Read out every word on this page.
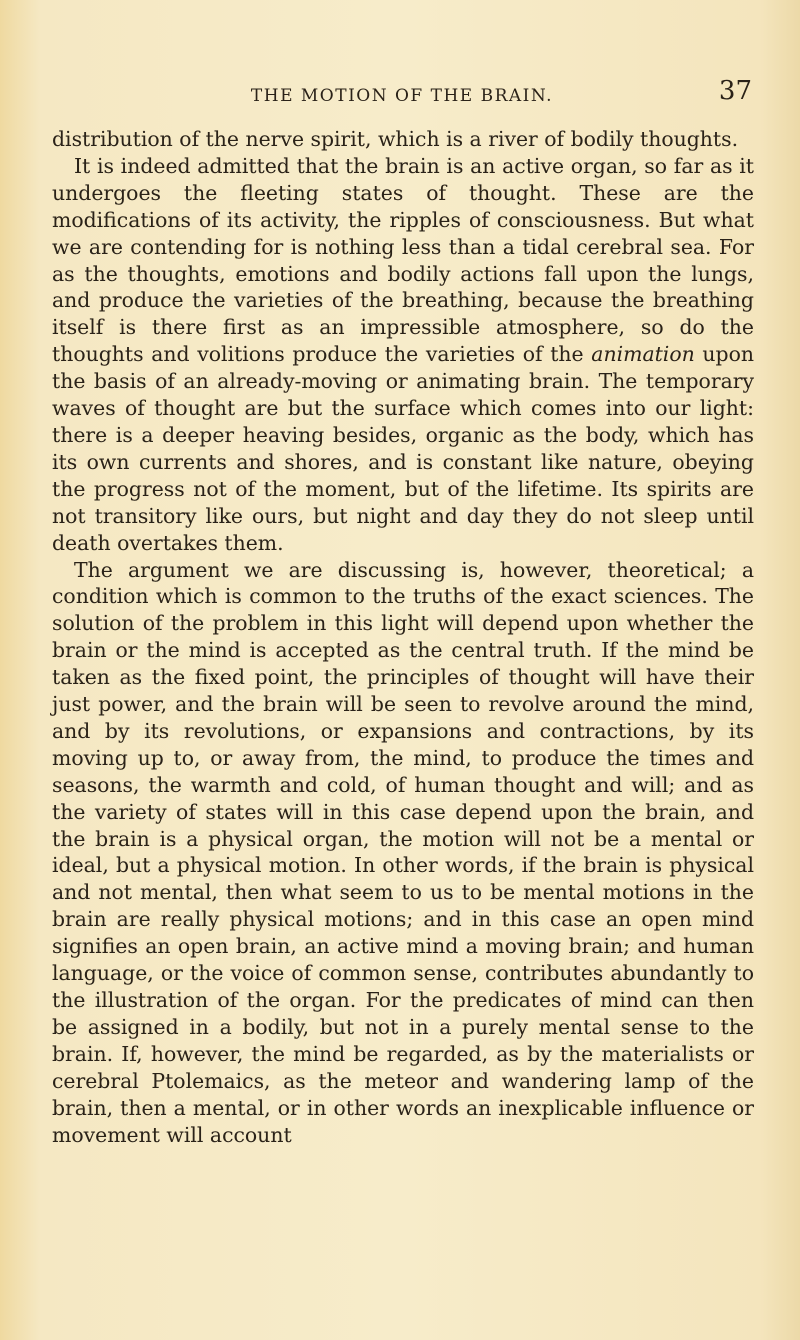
THE MOTION OF THE BRAIN.	37

distribution of the nerve spirit, which is a river of bodily thoughts.

It is indeed admitted that the brain is an active organ, so far as it undergoes the fleeting states of thought. These are the modifications of its activity, the ripples of consciousness. But what we are contending for is nothing less than a tidal cerebral sea. For as the thoughts, emotions and bodily actions fall upon the lungs, and produce the varieties of the breathing, because the breathing itself is there first as an impressible atmosphere, so do the thoughts and volitions produce the varieties of the animation upon the basis of an already-moving or animating brain. The temporary waves of thought are but the surface which comes into our light: there is a deeper heaving besides, organic as the body, which has its own currents and shores, and is constant like nature, obeying the progress not of the moment, but of the lifetime. Its spirits are not transitory like ours, but night and day they do not sleep until death overtakes them.

The argument we are discussing is, however, theoretical; a condition which is common to the truths of the exact sciences. The solution of the problem in this light will depend upon whether the brain or the mind is accepted as the central truth. If the mind be taken as the fixed point, the principles of thought will have their just power, and the brain will be seen to revolve around the mind, and by its revolutions, or expansions and contractions, by its moving up to, or away from, the mind, to produce the times and seasons, the warmth and cold, of human thought and will; and as the variety of states will in this case depend upon the brain, and the brain is a physical organ, the motion will not be a mental or ideal, but a physical motion. In other words, if the brain is physical and not mental, then what seem to us to be mental motions in the brain are really physical motions; and in this case an open mind signifies an open brain, an active mind a moving brain; and human language, or the voice of common sense, contributes abundantly to the illustration of the organ. For the predicates of mind can then be assigned in a bodily, but not in a purely mental sense to the brain. If, however, the mind be regarded, as by the materialists or cerebral Ptolemaics, as the meteor and wandering lamp of the brain, then a mental, or in other words an inexplicable influence or movement will account
